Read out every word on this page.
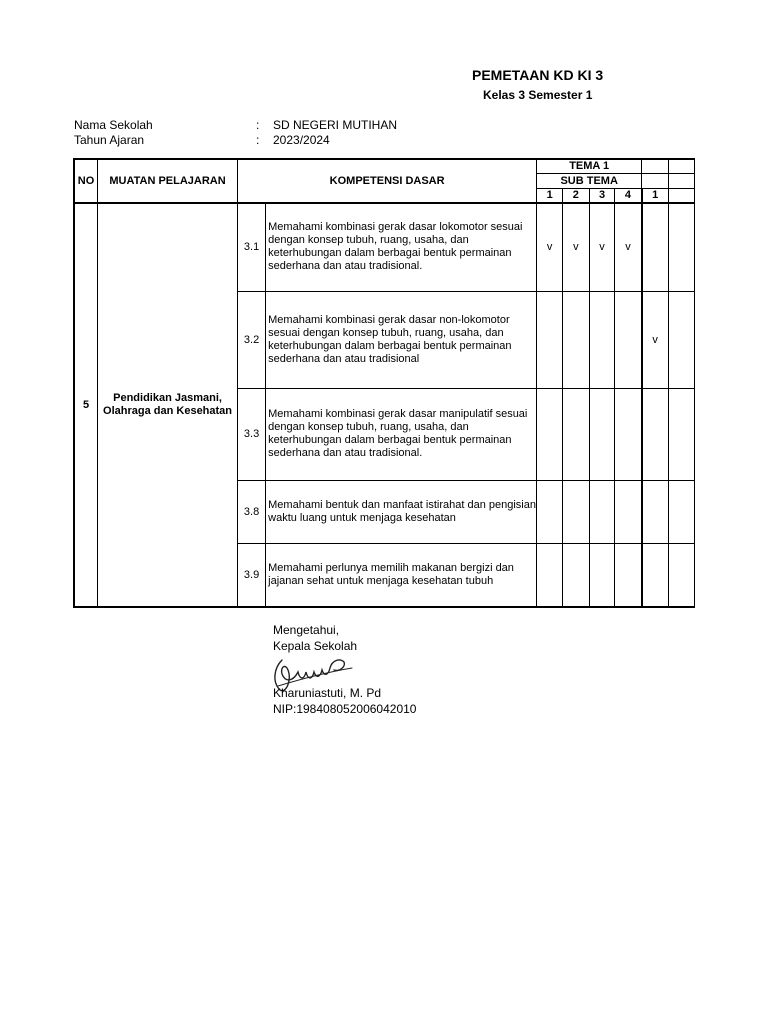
PEMETAAN KD KI 3
Kelas 3 Semester 1
Nama Sekolah	: SD NEGERI MUTIHAN
Tahun Ajaran	: 2023/2024
NO	MUATAN PELAJARAN	KOMPETENSI DASAR		TEMA 1					
				SUB TEMA					
				1	2	3	4	1	
5	Pendidikan Jasmani, Olahraga dan Kesehatan	3.1	Memahami kombinasi gerak dasar lokomotor sesuai dengan konsep tubuh, ruang, usaha, dan keterhubungan dalam berbagai bentuk permainan sederhana dan atau tradisional.	v	v	v	v		
		3.2	Memahami kombinasi gerak dasar non-lokomotor sesuai dengan konsep tubuh, ruang, usaha, dan keterhubungan dalam berbagai bentuk permainan sederhana dan atau tradisional					v	
		3.3	Memahami kombinasi gerak dasar manipulatif sesuai dengan konsep tubuh, ruang, usaha, dan keterhubungan dalam berbagai bentuk permainan sederhana dan atau tradisional.						
		3.8	Memahami bentuk dan manfaat istirahat dan pengisian waktu luang untuk menjaga kesehatan						
		3.9	Memahami perlunya memilih makanan bergizi dan jajanan sehat untuk menjaga kesehatan tubuh						
Mengetahui,
Kepala Sekolah
Kharuniastuti, M. Pd
NIP:198408052006042010
